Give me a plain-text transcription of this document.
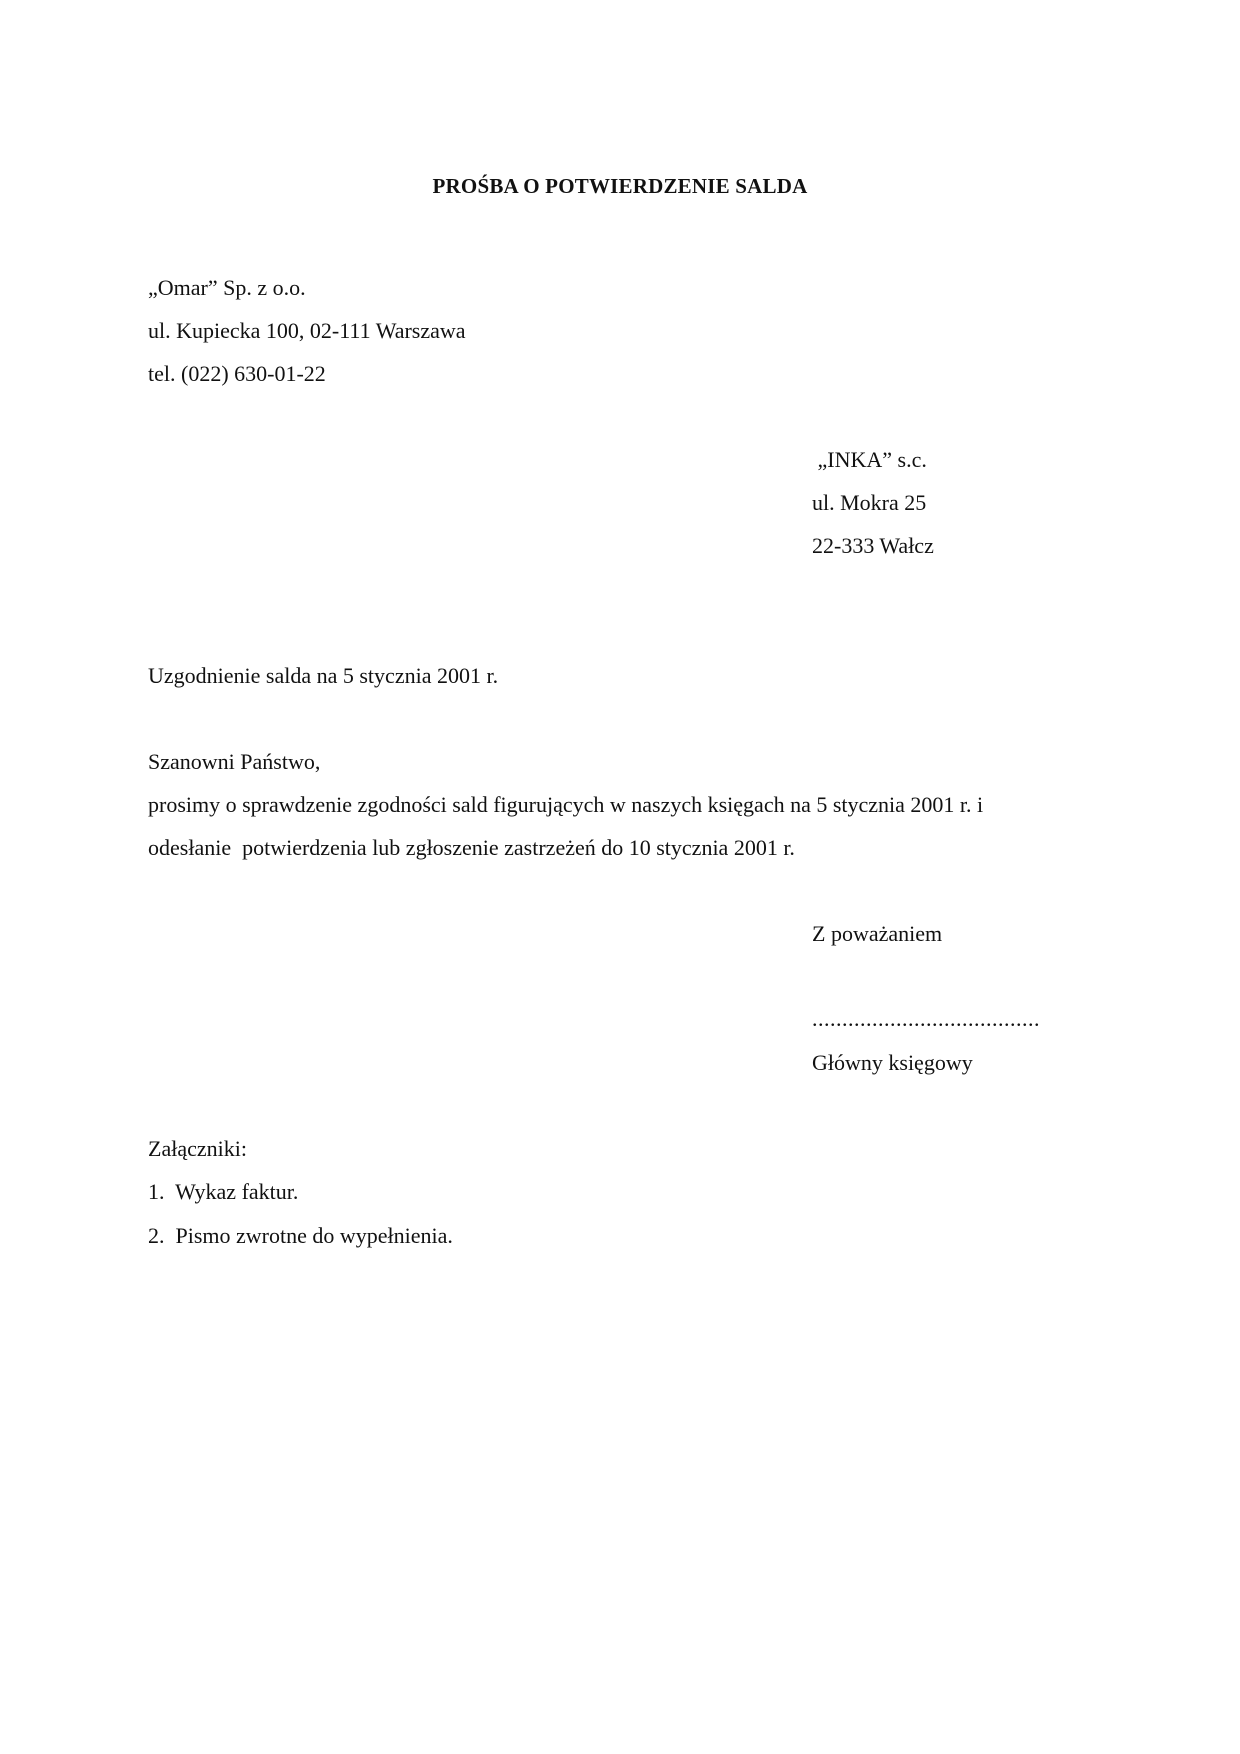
PROŚBA O POTWIERDZENIE SALDA
„Omar” Sp. z o.o.
ul. Kupiecka 100, 02-111 Warszawa
tel. (022) 630-01-22
„INKA” s.c.
ul. Mokra 25
22-333 Wałcz
Uzgodnienie salda na 5 stycznia 2001 r.
Szanowni Państwo,
prosimy o sprawdzenie zgodności sald figurujących w naszych księgach na 5 stycznia 2001 r. i
odesłanie  potwierdzenia lub zgłoszenie zastrzeżeń do 10 stycznia 2001 r.
Z poważaniem
......................................
Główny księgowy
Załączniki:
1.  Wykaz faktur.
2.  Pismo zwrotne do wypełnienia.
